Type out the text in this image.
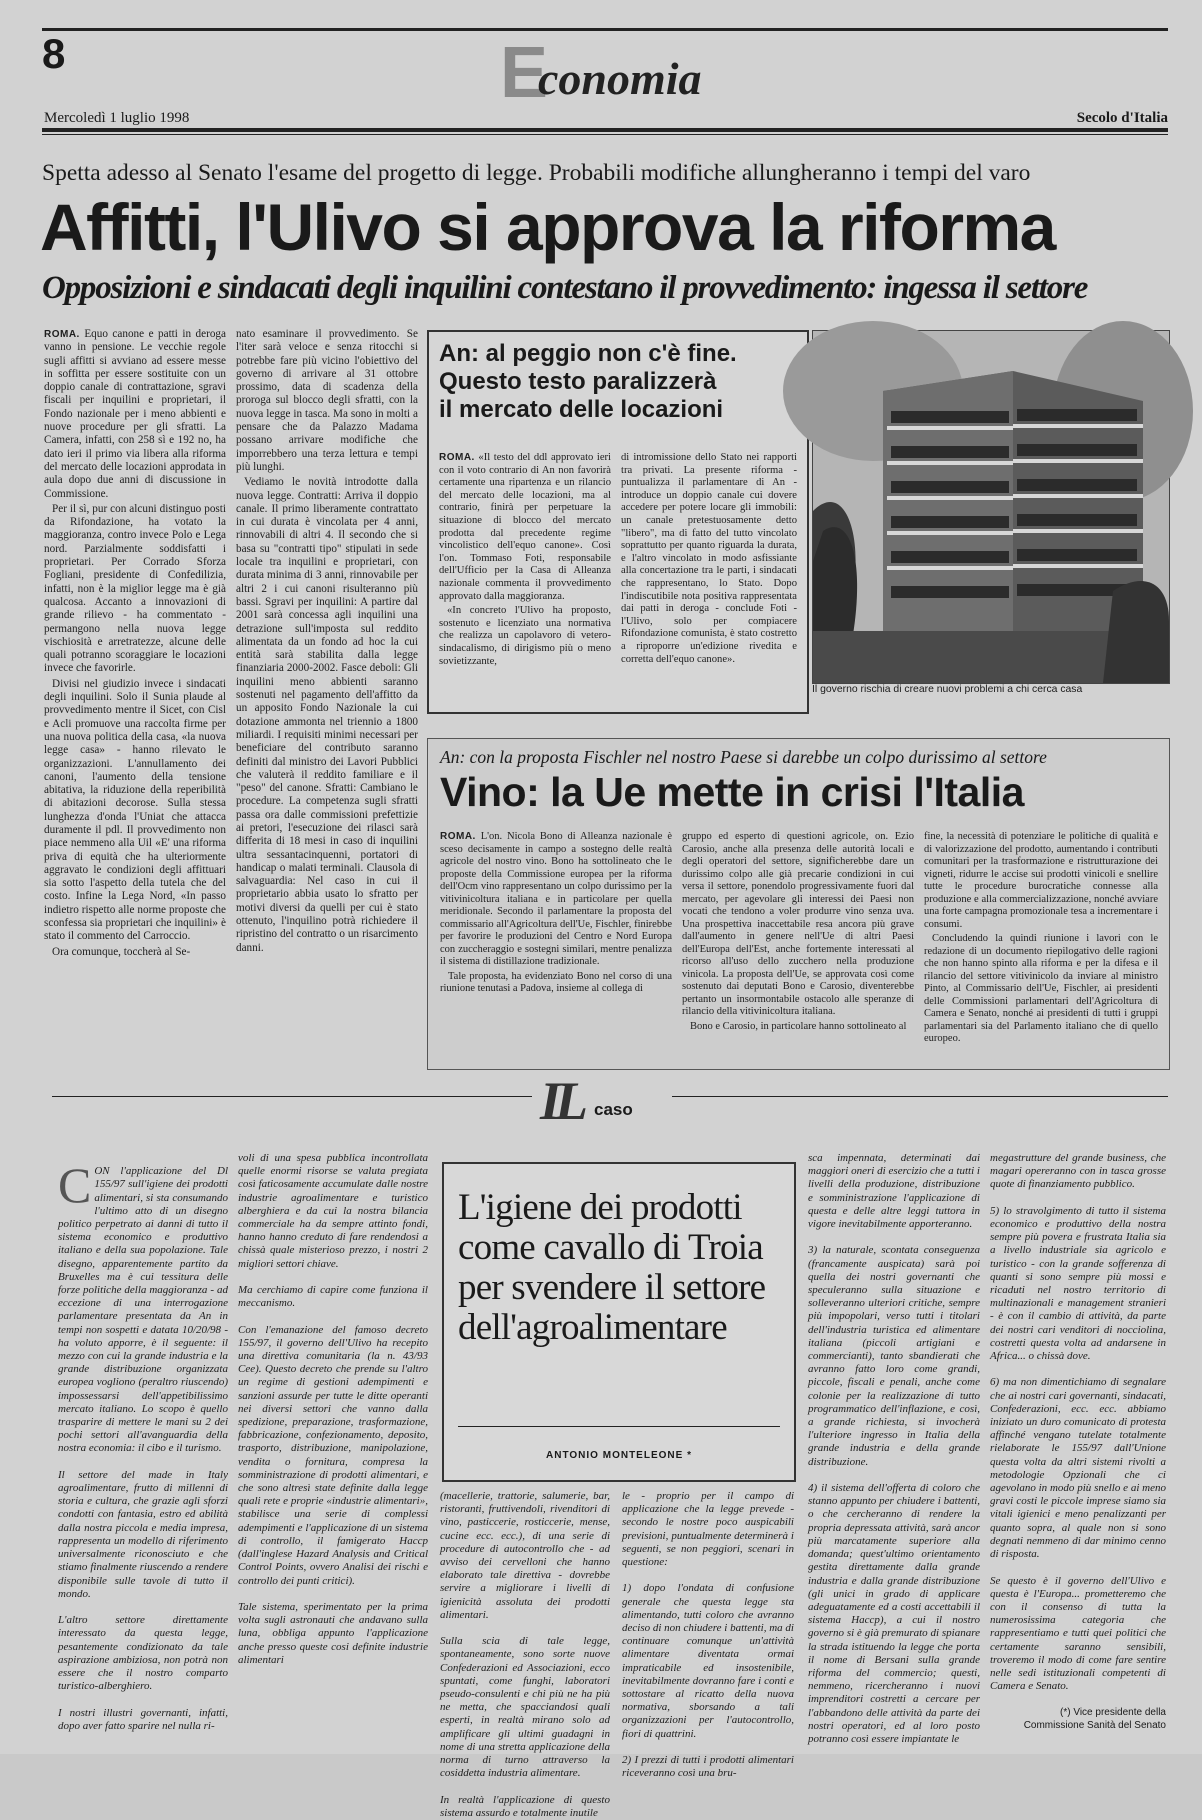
8	E
conomia
Mercoledì 1 luglio 1998	Secolo d'Italia
Spetta adesso al Senato l'esame del progetto di legge. Probabili modifiche allungheranno i tempi del varo
Affitti, l'Ulivo si approva la riforma
Opposizioni e sindacati degli inquilini contestano il provvedimento: ingessa il settore

ROMA. Equo canone e patti in deroga vanno in pensione. Le vecchie regole sugli affitti si avviano ad essere messe in soffitta per essere sostituite con un doppio canale di contrattazione, sgravi fiscali per inquilini e proprietari, il Fondo nazionale per i meno abbienti e nuove procedure per gli sfratti. La Camera, infatti, con 258 sì e 192 no, ha dato ieri il primo via libera alla riforma del mercato delle locazioni approdata in aula dopo due anni di discussione in Commissione.

Per il sì, pur con alcuni distinguo posti da Rifondazione, ha votato la maggioranza, contro invece Polo e Lega nord. Parzialmente soddisfatti i proprietari. Per Corrado Sforza Fogliani, presidente di Confedilizia, infatti, non è la miglior legge ma è già qualcosa. Accanto a innovazioni di grande rilievo - ha commentato - permangono nella nuova legge vischiosità e arretratezze, alcune delle quali potranno scoraggiare le locazioni invece che favorirle.

Divisi nel giudizio invece i sindacati degli inquilini. Solo il Sunia plaude al provvedimento mentre il Sicet, con Cisl e Acli promuove una raccolta firme per una nuova politica della casa, «la nuova legge casa» - hanno rilevato le organizzazioni. L'annullamento dei canoni, l'aumento della tensione abitativa, la riduzione della reperibilità di abitazioni decorose. Sulla stessa lunghezza d'onda l'Uniat che attacca duramente il pdl. Il provvedimento non piace nemmeno alla Uil «E' una riforma priva di equità che ha ulteriormente aggravato le condizioni degli affittuari sia sotto l'aspetto della tutela che del costo. Infine la Lega Nord, «In passo indietro rispetto alle norme proposte che sconfessa sia proprietari che inquilini» è stato il commento del Carroccio.

Ora comunque, toccherà al Se-

nato esaminare il provvedimento. Se l'iter sarà veloce e senza ritocchi si potrebbe fare più vicino l'obiettivo del governo di arrivare al 31 ottobre prossimo, data di scadenza della proroga sul blocco degli sfratti, con la nuova legge in tasca. Ma sono in molti a pensare che da Palazzo Madama possano arrivare modifiche che imporrebbero una terza lettura e tempi più lunghi.

Vediamo le novità introdotte dalla nuova legge. Contratti: Arriva il doppio canale. Il primo liberamente contrattato in cui durata è vincolata per 4 anni, rinnovabili di altri 4. Il secondo che si basa su "contratti tipo" stipulati in sede locale tra inquilini e proprietari, con durata minima di 3 anni, rinnovabile per altri 2 i cui canoni risulteranno più bassi. Sgravi per inquilini: A partire dal 2001 sarà concessa agli inquilini una detrazione sull'imposta sul reddito alimentata da un fondo ad hoc la cui entità sarà stabilita dalla legge finanziaria 2000-2002. Fasce deboli: Gli inquilini meno abbienti saranno sostenuti nel pagamento dell'affitto da un apposito Fondo Nazionale la cui dotazione ammonta nel triennio a 1800 miliardi. I requisiti minimi necessari per beneficiare del contributo saranno definiti dal ministro dei Lavori Pubblici che valuterà il reddito familiare e il "peso" del canone. Sfratti: Cambiano le procedure. La competenza sugli sfratti passa ora dalle commissioni prefettizie ai pretori, l'esecuzione dei rilasci sarà differita di 18 mesi in caso di inquilini ultra sessantacinquenni, portatori di handicap o malati terminali. Clausola di salvaguardia: Nel caso in cui il proprietario abbia usato lo sfratto per motivi diversi da quelli per cui è stato ottenuto, l'inquilino potrà richiedere il ripristino del contratto o un risarcimento danni.

An: al peggio non c'è fine.
Questo testo paralizzerà
il mercato delle locazioni

ROMA. «Il testo del ddl approvato ieri con il voto contrario di An non favorirà certamente una ripartenza e un rilancio del mercato delle locazioni, ma al contrario, finirà per perpetuare la situazione di blocco del mercato prodotta dal precedente regime vincolistico dell'equo canone». Così l'on. Tommaso Foti, responsabile dell'Ufficio per la Casa di Alleanza nazionale commenta il provvedimento approvato dalla maggioranza.

«In concreto l'Ulivo ha proposto, sostenuto e licenziato una normativa che realizza un capolavoro di vetero-sindacalismo, di dirigismo più o meno sovietizzante,

di intromissione dello Stato nei rapporti tra privati. La presente riforma - puntualizza il parlamentare di An - introduce un doppio canale cui dovere accedere per potere locare gli immobili: un canale pretestuosamente detto "libero", ma di fatto del tutto vincolato soprattutto per quanto riguarda la durata, e l'altro vincolato in modo asfissiante alla concertazione tra le parti, i sindacati che rappresentano, lo Stato. Dopo l'indiscutibile nota positiva rappresentata dai patti in deroga - conclude Foti - l'Ulivo, solo per compiacere Rifondazione comunista, è stato costretto a riproporre un'edizione rivedita e corretta dell'equo canone».

Il governo rischia di creare nuovi problemi a chi cerca casa
An: con la proposta Fischler nel nostro Paese si darebbe un colpo durissimo al settore
Vino: la Ue mette in crisi l'Italia

ROMA. L'on. Nicola Bono di Alleanza nazionale è sceso decisamente in campo a sostegno delle realtà agricole del nostro vino. Bono ha sottolineato che le proposte della Commissione europea per la riforma dell'Ocm vino rappresentano un colpo durissimo per la vitivinicoltura italiana e in particolare per quella meridionale. Secondo il parlamentare la proposta del commissario all'Agricoltura dell'Ue, Fischler, finirebbe per favorire le produzioni del Centro e Nord Europa con zuccheraggio e sostegni similari, mentre penalizza il sistema di distillazione tradizionale.

Tale proposta, ha evidenziato Bono nel corso di una riunione tenutasi a Padova, insieme al collega di

gruppo ed esperto di questioni agricole, on. Ezio Carosio, anche alla presenza delle autorità locali e degli operatori del settore, significherebbe dare un durissimo colpo alle già precarie condizioni in cui versa il settore, ponendolo progressivamente fuori dal mercato, per agevolare gli interessi dei Paesi non vocati che tendono a voler produrre vino senza uva. Una prospettiva inaccettabile resa ancora più grave dall'aumento in genere nell'Ue di altri Paesi dell'Europa dell'Est, anche fortemente interessati al ricorso all'uso dello zucchero nella produzione vinicola. La proposta dell'Ue, se approvata così come sostenuto dai deputati Bono e Carosio, diventerebbe pertanto un insormontabile ostacolo alle speranze di rilancio della vitivinicoltura italiana.

Bono e Carosio, in particolare hanno sottolineato al

fine, la necessità di potenziare le politiche di qualità e di valorizzazione del prodotto, aumentando i contributi comunitari per la trasformazione e ristrutturazione dei vigneti, ridurre le accise sui prodotti vinicoli e snellire tutte le procedure burocratiche connesse alla produzione e alla commercializzazione, nonché avviare una forte campagna promozionale tesa a incrementare i consumi.

Concludendo la quindi riunione i lavori con le redazione di un documento riepilogativo delle ragioni che non hanno spinto alla riforma e per la difesa e il rilancio del settore vitivinicolo da inviare al ministro Pinto, al Commissario dell'Ue, Fischler, ai presidenti delle Commissioni parlamentari dell'Agricoltura di Camera e Senato, nonché ai presidenti di tutti i gruppi parlamentari sia del Parlamento italiano che di quello europeo.

IL caso

CON l'applicazione del Dl 155/97 sull'igiene dei prodotti alimentari, si sta consumando l'ultimo atto di un disegno politico perpetrato ai danni di tutto il sistema economico e produttivo italiano e della sua popolazione. Tale disegno, apparentemente partito da Bruxelles ma è cui tessitura delle forze politiche della maggioranza - ad eccezione di una interrogazione parlamentare presentata da An in tempi non sospetti e datata 10/20/98 - ha voluto apporre, è il seguente: il mezzo con cui la grande industria e la grande distribuzione organizzata europea vogliono (peraltro riuscendo) impossessarsi dell'appetibilissimo mercato italiano. Lo scopo è quello trasparire di mettere le mani su 2 dei pochi settori all'avanguardia della nostra economia: il cibo e il turismo.

Il settore del made in Italy agroalimentare, frutto di millenni di storia e cultura, che grazie agli sforzi condotti con fantasia, estro ed abilità dalla nostra piccola e media impresa, rappresenta un modello di riferimento universalmente riconosciuto e che stiamo finalmente riuscendo a rendere disponibile sulle tavole di tutto il mondo.

L'altro settore direttamente interessato da questa legge, pesantemente condizionato da tale aspirazione ambiziosa, non potrà non essere che il nostro comparto turistico-alberghiero.

I nostri illustri governanti, infatti, dopo aver fatto sparire nel nulla ri-

voli di una spesa pubblica incontrollata quelle enormi risorse se valuta pregiata così faticosamente accumulate dalle nostre industrie agroalimentare e turistico alberghiera e da cui la nostra bilancia commerciale ha da sempre attinto fondi, hanno hanno creduto di fare rendendosi a chissà quale misterioso prezzo, i nostri 2 migliori settori chiave.

Ma cerchiamo di capire come funziona il meccanismo.

Con l'emanazione del famoso decreto 155/97, il governo dell'Ulivo ha recepito una direttiva comunitaria (la n. 43/93 Cee). Questo decreto che prende su l'altro un regime di gestioni adempimenti e sanzioni assurde per tutte le ditte operanti nei diversi settori che vanno dalla spedizione, preparazione, trasformazione, fabbricazione, confezionamento, deposito, trasporto, distribuzione, manipolazione, vendita o fornitura, compresa la somministrazione di prodotti alimentari, e che sono altresì state definite dalla legge quali rete e proprie «industrie alimentari», stabilisce una serie di complessi adempimenti e l'applicazione di un sistema di controllo, il famigerato Haccp (dall'inglese Hazard Analysis and Critical Control Points, ovvero Analisi dei rischi e controllo dei punti critici).

Tale sistema, sperimentato per la prima volta sugli astronauti che andavano sulla luna, obbliga appunto l'applicazione anche presso queste cosi definite industrie alimentari
L'igiene dei prodotti come cavallo di Troia per svendere il settore dell'agroalimentare
ANTONIO MONTELEONE *
(macellerie, trattorie, salumerie, bar, ristoranti, fruttivendoli, rivenditori di vino, pasticcerie, rosticcerie, mense, cucine ecc. ecc.), di una serie di procedure di autocontrollo che - ad avviso dei cervelloni che hanno elaborato tale direttiva - dovrebbe servire a migliorare i livelli di igienicità assoluta dei prodotti alimentari.

Sulla scia di tale legge, spontaneamente, sono sorte nuove Confederazioni ed Associazioni, ecco spuntati, come funghi, laboratori pseudo-consulenti e chi più ne ha più ne metta, che spacciandosi quali esperti, in realtà mirano solo ad amplificare gli ultimi guadagni in nome di una stretta applicazione della norma di turno attraverso la cosiddetta industria alimentare.

In realtà l'applicazione di questo sistema assurdo e totalmente inutile
le - proprio per il campo di applicazione che la legge prevede - secondo le nostre poco auspicabili previsioni, puntualmente determinerà i seguenti, se non peggiori, scenari in questione:

1) dopo l'ondata di confusione generale che questa legge sta alimentando, tutti coloro che avranno deciso di non chiudere i battenti, ma di continuare comunque un'attività alimentare diventata ormai impraticabile ed insostenibile, inevitabilmente dovranno fare i conti e sottostare al ricatto della nuova normativa, sborsando a tali organizzazioni per l'autocontrollo, fiori di quattrini.

2) I prezzi di tutti i prodotti alimentari riceveranno così una bru-
sca impennata, determinati dai maggiori oneri di esercizio che a tutti i livelli della produzione, distribuzione e somministrazione l'applicazione di questa e delle altre leggi tuttora in vigore inevitabilmente apporteranno.

3) la naturale, scontata conseguenza (francamente auspicata) sarà poi quella dei nostri governanti che speculeranno sulla situazione e solleveranno ulteriori critiche, sempre più impopolari, verso tutti i titolari dell'industria turistica ed alimentare italiana (piccoli artigiani e commercianti), tanto sbandierati che avranno fatto loro come grandi, piccole, fiscali e penali, anche come colonie per la realizzazione di tutto programmatico dell'inflazione, e così, a grande richiesta, si invocherà l'ulteriore ingresso in Italia della grande industria e della grande distribuzione.

4) il sistema dell'offerta di coloro che stanno appunto per chiudere i battenti, o che cercheranno di rendere la propria depressata attività, sarà ancor più marcatamente superiore alla domanda; quest'ultimo orientamento gestita direttamente dalla grande industria e dalla grande distribuzione (gli unici in grado di applicare adeguatamente ed a costi accettabili il sistema Haccp), a cui il nostro governo si è già premurato di spianare la strada istituendo la legge che porta il nome di Bersani sulla grande riforma del commercio; questi, nemmeno, ricercheranno i nuovi imprenditori costretti a cercare per l'abbandono delle attività da parte dei nostri operatori, ed al loro posto potranno così essere impiantate le
megastrutture del grande business, che magari opereranno con in tasca grosse quote di finanziamento pubblico.

5) lo stravolgimento di tutto il sistema economico e produttivo della nostra sempre più povera e frustrata Italia sia a livello industriale sia agricolo e turistico - con la grande sofferenza di quanti si sono sempre più mossi e ricaduti nel nostro territorio di multinazionali e management stranieri - è con il cambio di attività, da parte dei nostri cari venditori di nocciolina, costretti questa volta ad andarsene in Africa... o chissà dove.

6) ma non dimentichiamo di segnalare che ai nostri cari governanti, sindacati, Confederazioni, ecc. ecc. abbiamo iniziato un duro comunicato di protesta affinché vengano tutelate totalmente rielaborate le 155/97 dall'Unione questa volta da altri sistemi rivolti a metodologie Opzionali che ci agevolano in modo più snello e ai meno gravi costi le piccole imprese siamo sia vitali igienici e meno penalizzanti per quanto sopra, al quale non si sono degnati nemmeno di dar minimo cenno di risposta.

Se questo è il governo dell'Ulivo e questa è l'Europa... prometteremo che con il consenso di tutta la numerosissima categoria che rappresentiamo e tutti quei politici che certamente saranno sensibili, troveremo il modo di come fare sentire nelle sedi istituzionali competenti di Camera e Senato.
(*) Vice presidente della
Commissione Sanità del Senato
